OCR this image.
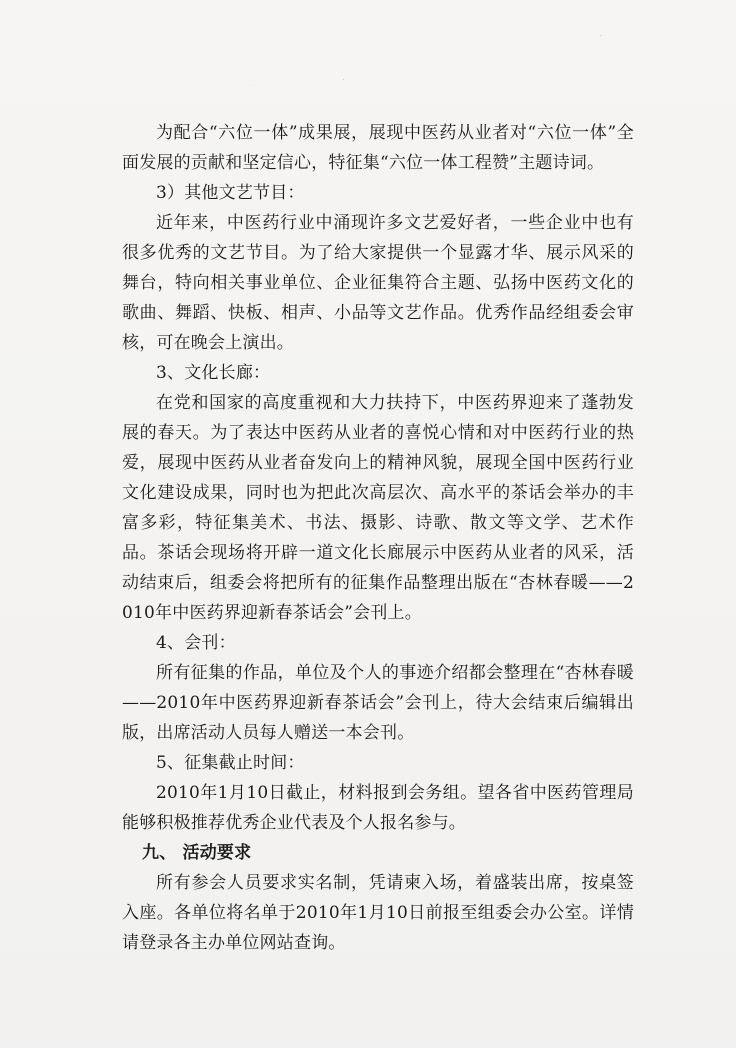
为配合“六位一体”成果展，展现中医药从业者对“六位一体”全面发展的贡献和坚定信心，特征集“六位一体工程赞”主题诗词。

3）其他文艺节目：

近年来，中医药行业中涌现许多文艺爱好者，一些企业中也有很多优秀的文艺节目。为了给大家提供一个显露才华、展示风采的舞台，特向相关事业单位、企业征集符合主题、弘扬中医药文化的歌曲、舞蹈、快板、相声、小品等文艺作品。优秀作品经组委会审核，可在晚会上演出。

3、文化长廊：

在党和国家的高度重视和大力扶持下，中医药界迎来了蓬勃发展的春天。为了表达中医药从业者的喜悦心情和对中医药行业的热爱，展现中医药从业者奋发向上的精神风貌，展现全国中医药行业文化建设成果，同时也为把此次高层次、高水平的茶话会举办的丰富多彩，特征集美术、书法、摄影、诗歌、散文等文学、艺术作品。茶话会现场将开辟一道文化长廊展示中医药从业者的风采，活动结束后，组委会将把所有的征集作品整理出版在“杏林春暖——2010年中医药界迎新春茶话会”会刊上。

4、会刊：

所有征集的作品，单位及个人的事迹介绍都会整理在“杏林春暖——2010年中医药界迎新春茶话会”会刊上，待大会结束后编辑出版，出席活动人员每人赠送一本会刊。

5、征集截止时间：

2010年1月10日截止，材料报到会务组。望各省中医药管理局能够积极推荐优秀企业代表及个人报名参与。

九、 活动要求

所有参会人员要求实名制，凭请柬入场，着盛装出席，按桌签入座。各单位将名单于2010年1月10日前报至组委会办公室。详情请登录各主办单位网站查询。
